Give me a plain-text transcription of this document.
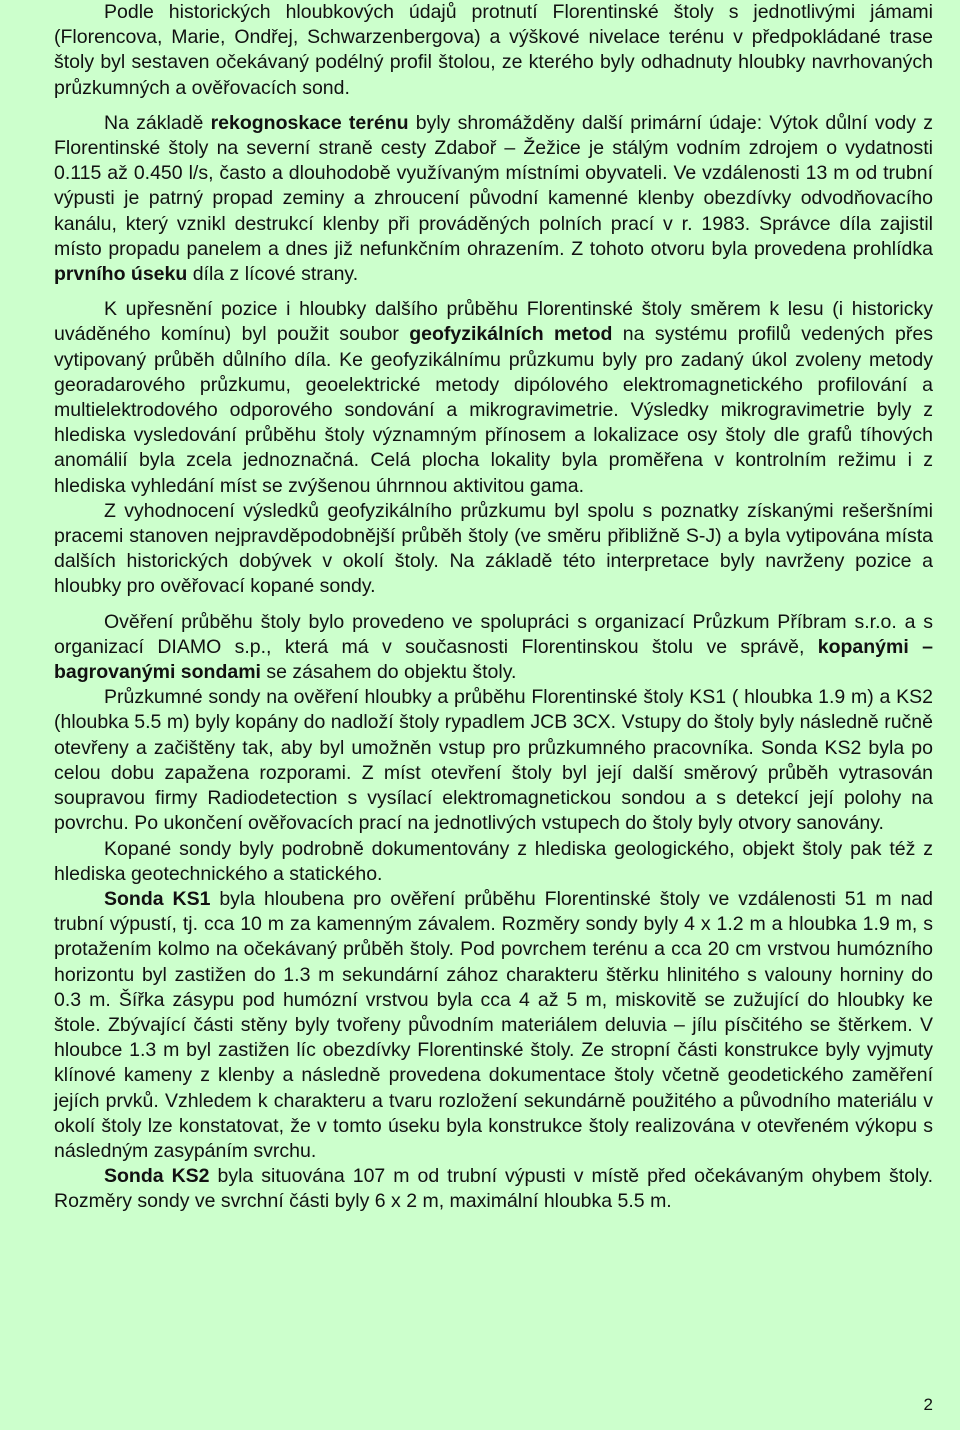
Podle historických hloubkových údajů protnutí Florentinské štoly s jednotlivými jámami (Florencova, Marie, Ondřej, Schwarzenbergova) a výškové nivelace terénu v předpokládané trase štoly byl sestaven očekávaný podélný profil štolou, ze kterého byly odhadnuty hloubky navrhovaných průzkumných a ověřovacích sond.

Na základě rekognoskace terénu byly shromážděny další primární údaje: Výtok důlní vody z Florentinské štoly na severní straně cesty Zdaboř – Žežice je stálým vodním zdrojem o vydatnosti 0.115 až 0.450 l/s, často a dlouhodobě využívaným místními obyvateli. Ve vzdálenosti 13 m od trubní výpusti je patrný propad zeminy a zhroucení původní kamenné klenby obezdívky odvodňovacího kanálu, který vznikl destrukcí klenby při prováděných polních prací v r. 1983. Správce díla zajistil místo propadu panelem a dnes již nefunkčním ohrazením. Z tohoto otvoru byla provedena prohlídka prvního úseku díla z lícové strany.

K upřesnění pozice i hloubky dalšího průběhu Florentinské štoly směrem k lesu (i historicky uváděného komínu) byl použit soubor geofyzikálních metod na systému profilů vedených přes vytipovaný průběh důlního díla. Ke geofyzikálnímu průzkumu byly pro zadaný úkol zvoleny metody georadarového průzkumu, geoelektrické metody dipólového elektromagnetického profilování a multielektrodového odporového sondování a mikrogravimetrie. Výsledky mikrogravimetrie byly z hlediska vysledování průběhu štoly významným přínosem a lokalizace osy štoly dle grafů tíhových anomálií byla zcela jednoznačná. Celá plocha lokality byla proměřena v kontrolním režimu i z hlediska vyhledání míst se zvýšenou úhrnnou aktivitou gama.

Z vyhodnocení výsledků geofyzikálního průzkumu byl spolu s poznatky získanými rešeršními pracemi stanoven nejpravděpodobnější průběh štoly (ve směru přibližně S-J) a byla vytipována místa dalších historických dobývek v okolí štoly. Na základě této interpretace byly navrženy pozice a hloubky pro ověřovací kopané sondy.

Ověření průběhu štoly bylo provedeno ve spolupráci s organizací Průzkum Příbram s.r.o. a s organizací DIAMO s.p., která má v současnosti Florentinskou štolu ve správě, kopanými – bagrovanými sondami se zásahem do objektu štoly.

Průzkumné sondy na ověření hloubky a průběhu Florentinské štoly KS1 ( hloubka 1.9 m) a KS2 (hloubka 5.5 m) byly kopány do nadloží štoly rypadlem JCB 3CX. Vstupy do štoly byly následně ručně otevřeny a začištěny tak, aby byl umožněn vstup pro průzkumného pracovníka. Sonda KS2 byla po celou dobu zapažena rozporami. Z míst otevření štoly byl její další směrový průběh vytrasován soupravou firmy Radiodetection s vysílací elektromagnetickou sondou a s detekcí její polohy na povrchu. Po ukončení ověřovacích prací na jednotlivých vstupech do štoly byly otvory sanovány.

Kopané sondy byly podrobně dokumentovány z hlediska geologického, objekt štoly pak též z hlediska geotechnického a statického.

Sonda KS1 byla hloubena pro ověření průběhu Florentinské štoly ve vzdálenosti 51 m nad trubní výpustí, tj. cca 10 m za kamenným závalem. Rozměry sondy byly 4 x 1.2 m a hloubka 1.9 m, s protažením kolmo na očekávaný průběh štoly. Pod povrchem terénu a cca 20 cm vrstvou humózního horizontu byl zastižen do 1.3 m sekundární zához charakteru štěrku hlinitého s valouny horniny do 0.3 m. Šířka zásypu pod humózní vrstvou byla cca 4 až 5 m, miskovitě se zužující do hloubky ke štole. Zbývající části stěny byly tvořeny původním materiálem deluvia – jílu písčitého se štěrkem. V hloubce 1.3 m byl zastižen líc obezdívky Florentinské štoly. Ze stropní části konstrukce byly vyjmuty klínové kameny z klenby a následně provedena dokumentace štoly včetně geodetického zaměření jejích prvků. Vzhledem k charakteru a tvaru rozložení sekundárně použitého a původního materiálu v okolí štoly lze konstatovat, že v tomto úseku byla konstrukce štoly realizována v otevřeném výkopu s následným zasypáním svrchu.

Sonda KS2 byla situována 107 m od trubní výpusti v místě před očekávaným ohybem štoly. Rozměry sondy ve svrchní části byly 6 x 2 m, maximální hloubka 5.5 m.

2
